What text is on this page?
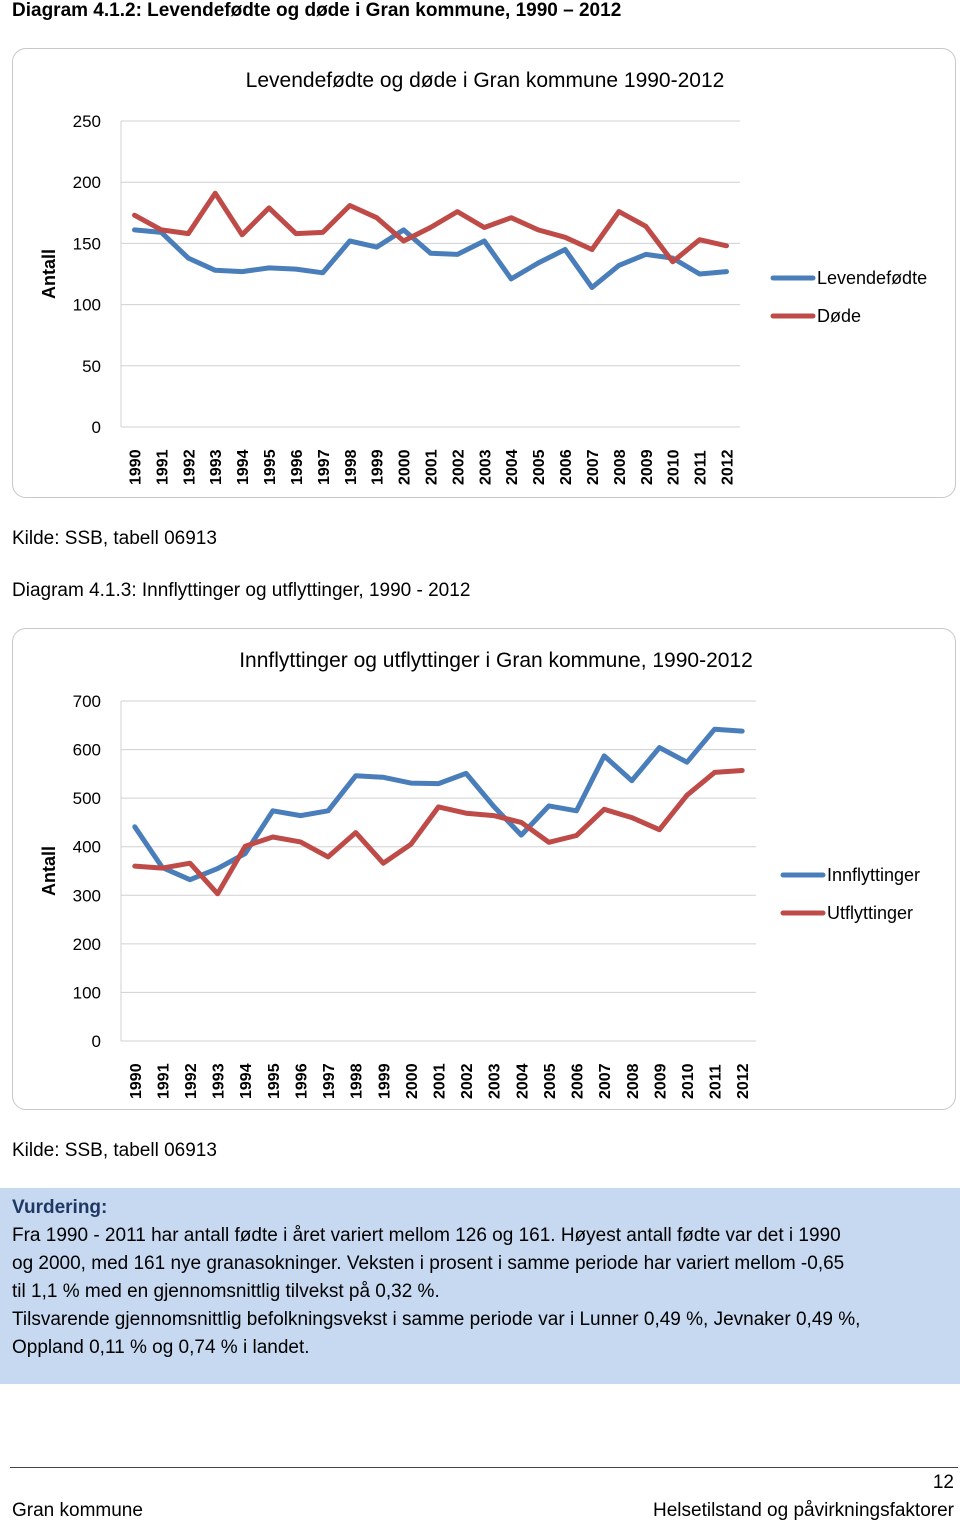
Diagram 4.1.2: Levendefødte og døde i Gran kommune, 1990 – 2012
0
50
100
150
200
250
1990 1991 1992 1993 1994 1995 1996 1997 1998 1999 2000 2001 2002 2003 2004 2005 2006 2007 2008 2009 2010 2011 2012
Levendefødte og døde i Gran kommune 1990-2012
Antall	Levendefødte
Døde
Kilde: SSB, tabell 06913
Diagram 4.1.3: Innflyttinger og utflyttinger, 1990 - 2012
0
100
200
300
400
500
600
700
1990 1991 1992 1993 1994 1995 1996 1997 1998 1999 2000 2001 2002 2003 2004 2005 2006 2007 2008 2009 2010 2011 2012
Innflyttinger og utflyttinger i Gran kommune, 1990-2012
Antall	Innflyttinger
Utflyttinger
Kilde: SSB, tabell 06913
Vurdering:
Fra 1990 - 2011 har antall fødte i året variert mellom 126 og 161. Høyest antall fødte var det i 1990
og 2000, med 161 nye granasokninger. Veksten i prosent i samme periode har variert mellom -0,65
til 1,1 % med en gjennomsnittlig tilvekst på 0,32 %.
Tilsvarende gjennomsnittlig befolkningsvekst i samme periode var i Lunner 0,49 %, Jevnaker 0,49 %,
Oppland 0,11 % og 0,74 % i landet.
12
Gran kommune	Helsetilstand og påvirkningsfaktorer
